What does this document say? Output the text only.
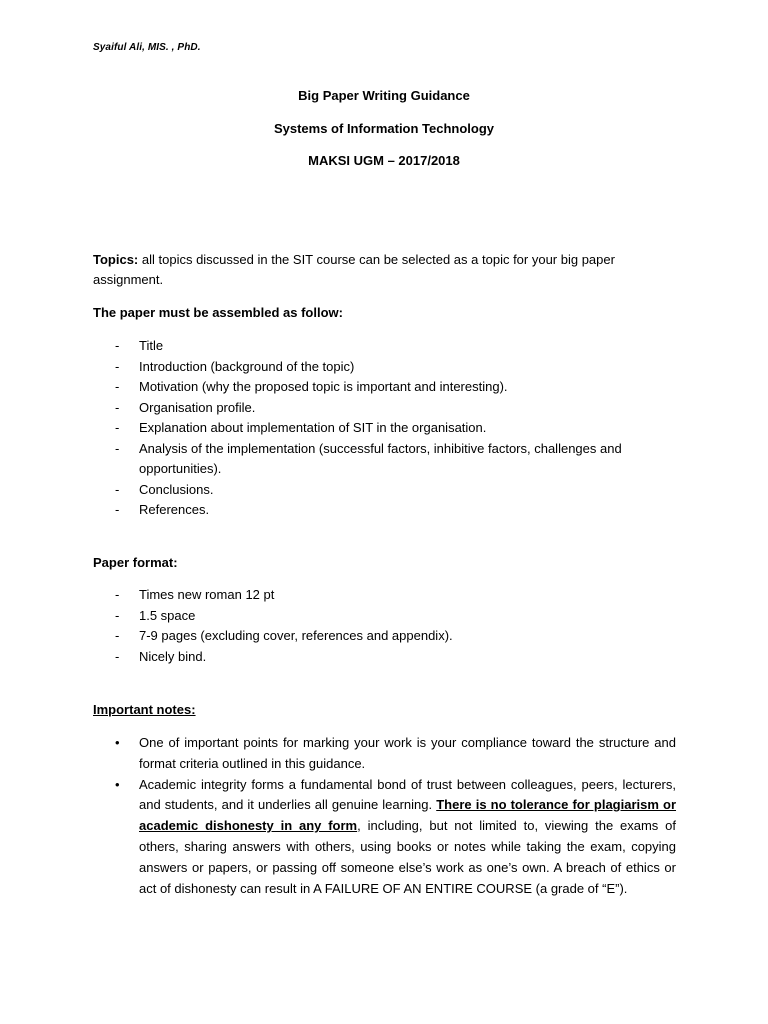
Syaiful Ali, MIS. , PhD.
Big Paper Writing Guidance
Systems of Information Technology
MAKSI UGM – 2017/2018
Topics: all topics discussed in the SIT course can be selected as a topic for your big paper assignment.
The paper must be assembled as follow:
- Title
- Introduction (background of the topic)
- Motivation (why the proposed topic is important and interesting).
- Organisation profile.
- Explanation about implementation of SIT in the organisation.
- Analysis of the implementation (successful factors, inhibitive factors, challenges and opportunities).
- Conclusions.
- References.
Paper format:
- Times new roman 12 pt
- 1.5 space
- 7-9 pages (excluding cover, references and appendix).
- Nicely bind.
Important notes:
• One of important points for marking your work is your compliance toward the structure and format criteria outlined in this guidance.
• Academic integrity forms a fundamental bond of trust between colleagues, peers, lecturers, and students, and it underlies all genuine learning. There is no tolerance for plagiarism or academic dishonesty in any form, including, but not limited to, viewing the exams of others, sharing answers with others, using books or notes while taking the exam, copying answers or papers, or passing off someone else’s work as one’s own. A breach of ethics or act of dishonesty can result in A FAILURE OF AN ENTIRE COURSE (a grade of “E”).
